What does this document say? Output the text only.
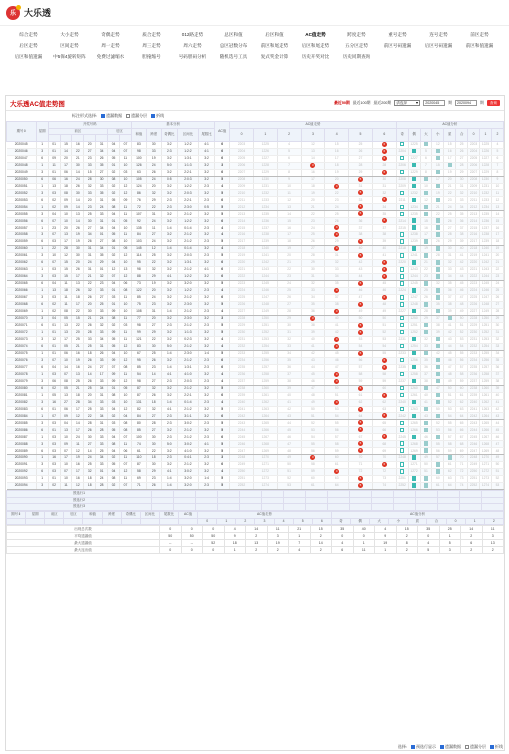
乐 大乐透
综合走势	大小走势	奇偶走势	质合走势	012路走势	总区和值	后区和值	AC值走势	跨度走势	重号走势	连号走势	前区走势
后区走势	区间走势	周一走势	周三走势	周六走势	总区冠数分布	前区和尾走势	后区和尾走势	五分区走势	前区号码遗漏	后区号码遗漏	前区和值遗漏
后区和值遗漏	中5保4旋转矩阵	免费过滤缩水	胆拖缩号	号码胆码分析	随机选号工具	复式奖金计算	历史开奖对比	历史同期查询
大乐透AC值走势图	最近50期 最近100期 最近200期	请选择	2020045	期	2020094	期	查询
标注形式选择:	遗漏数据	遗漏分层	折线
期号⇕	星期	开奖号码							基本分析					AC值	AC值走势							AC值分析								
		前区					后区		和值	跨度	奇偶比	区间比	尾数比		0	1	2	3	4	5	6	奇	偶	大	小	质	合	0	1	2

2020045	1	01	15	16	20	31	04	07	83	30	3:2	1:2:2	4:1	6	2203	1225	4	12	15	25	6		1225		12	15	25	2203	1225	4
2020046	3	01	14	22	27	34	04	07	98	33	2:3	1:2:2	4:1	6	2204	1226	5	13	16	26	6	2204		5		16	26	2204	1226	5
2020047	6	09	20	21	23	26	05	11	100	19	3:2	1:3:1	3:2	6	2205	1227	6	14	17	27	6		1227	6		17	27	2205	1227	6
2020048	1	11	17	30	33	35	01	10	126	24	5:0	1:1:3	3:2	3	2206	1228	7	3	18	28	28	2206		7	15		28	2206	1228	7
2020049	3	01	06	14	15	27	02	03	63	26	3:2	2:2:1	3:2	6	2207	1229	8	16	19	29	6		1229	8		19	29	2207	1229	8
2020050	6	06	16	24	28	30	08	10	105	24	0:5	2:0:3	3:2	5	2208	1230	9	17	20	5	30	2208			17	20	30	2208	1230	9
2020051	1	13	18	26	32	33	02	12	124	20	3:2	1:2:2	2:3	4	2209	1231	10	18	4	31	31	2209		10		21	31	2209	1231	10
2020052	3	03	08	30	33	35	02	12	86	32	3:2	2:0:3	3:2	5	2210	1232	11	19	22	5	32		1232		19	22	32	2210	1232	11
2020053	6	02	09	14	20	31	05	09	76	29	2:3	2:2:1	2:3	6	2211	1233	12	20	23	33	6	2211		12		23	33	2211	1233	12
2020054	1	02	09	14	23	24	08	11	72	22	2:3	2:3:0	0:5	5	2212	1234	13	21	24	5	34		1234		21	24	34	2212	1234	13
2020055	3	04	10	13	25	33	04	11	107	31	3:2	2:1:2	3:2	5	2213	1235	14	22	25	5	35		1235		22	25	35	2213	1235	14
2020056	6	07	10	14	30	31	01	05	92	24	3:2	1:2:2	3:2	6	2214	1236	15	23	26	36	6	2214		15		26	36	2214	1236	15
2020057	1	23	20	26	27	34	04	10	135	11	1:4	0:1:4	2:3	4	2215	1237	16	24	4	37	37	2215		16		27	37	2215	1237	16
2020058	3	07	13	19	34	01	05	11	84	27	3:2	2:1:2	3:2	4	2216	1238	17	25	4	38	38		1238	17		28	38	2216	1238	17
2020059	6	03	17	19	26	27	08	10	103	24	3:2	2:1:2	2:3	5	2217	1239	18	26	29	5	39		1239		26	29	39	2217	1239	18
2020060	1	22	28	30	31	34	01	05	145	12	1:4	0:1:4	3:2	4	2218	1240	19	27	4	40	40	2218		19		30	40	2218	1240	19
2020061	3	10	12	30	31	35	02	12	114	25	3:2	2:0:3	2:3	5	2219	1241	20	28	31	5	41		1241		28	31	41	2219	1241	20
2020062	6	07	15	20	24	29	04	10	95	22	3:2	1:3:1	3:2	6	2220	1242	21	29	32	42	6	2220		21		32	42	2220	1242	21
2020063	1	03	15	26	31	01	12	13	98	32	3:2	2:1:2	4:1	6	2221	1243	22	30	33	43	6		1243	22		33	43	2221	1243	22
2020064	3	03	15	17	21	32	07	12	88	29	4:1	1:2:2	3:2	6	2222	1244	23	31	34	44	6		1244	23		34	44	2222	1244	23
2020065	6	04	11	13	22	23	04	06	73	19	3:2	3:2:0	3:2	5	2223	1245	24	32	35	5	45		1245		32	35	45	2223	1245	24
2020066	1	13	18	26	32	33	01	08	122	20	3:2	1:2:2	2:3	4	2224	1246	25	33	4	46	46	2224		25		36	46	2224	1246	25
2020067	3	03	11	18	26	27	03	11	85	24	3:2	2:1:2	3:2	6	2225	1247	26	34	37	47	6		1247	26		37	47	2225	1247	26
2020068	6	02	11	17	20	25	01	10	75	23	3:2	2:3:0	3:2	5	2226	1248	27	35	38	5	48		1248		35	38	48	2226	1248	27
2020069	1	02	08	22	30	33	09	10	108	31	1:4	2:1:2	2:3	4	2227	1249	28	36	4	49	49	2227		28		39	49	2227	1249	28
2020070	3	04	05	15	21	24	08	11	77	20	3:2	2:3:0	3:2	3	2228	1250	29	3	40	50	50		1250	29	37		50	2228	1250	29
2020071	6	01	13	22	26	32	02	03	98	27	2:3	2:1:2	2:3	5	2229	1251	30	38	41	5	51		1251		38	41	51	2229	1251	30
2020072	1	01	13	20	28	33	09	11	99	29	3:2	1:1:3	3:2	5	2230	1252	31	39	42	5	52		1252		39	42	52	2230	1252	31
2020073	3	12	17	25	33	34	05	11	121	22	3:2	0:2:3	3:2	4	2231	1253	32	40	4	53	53	2231		32		43	53	2231	1253	32
2020074	6	01	05	21	25	31	05	12	83	30	5:0	2:1:2	3:2	4	2232	1254	33	41	4	54	54		1254	33		44	54	2232	1254	33
2020075	1	01	06	16	18	26	04	10	67	25	1:4	2:3:0	1:4	5	2233	1255	34	42	45	5	55	2233			42	45	55	2233	1255	34
2020076	3	07	10	19	26	33	09	12	95	26	3:2	2:1:2	2:3	6	2234	1256	35	43	46	56	6		1256	35		46	56	2234	1256	35
2020077	6	04	14	16	24	27	07	08	85	23	1:4	1:3:1	2:3	6	2235	1257	36	44	47	57	6	2235		36		47	57	2235	1257	36
2020078	1	03	07	13	14	17	09	11	54	14	4:1	4:1:0	3:2	4	2236	1258	37	45	4	58	58		1258	37		48	58	2236	1258	37
2020079	3	06	08	25	26	33	09	12	98	27	2:3	2:0:3	2:3	4	2237	1259	38	46	4	59	59	2237		38		49	59	2237	1259	38
2020080	6	02	05	21	25	34	01	05	87	32	3:2	2:1:2	3:2	5	2238	1260	39	47	50	5	60		1260		47	50	60	2238	1260	39
2020081	1	05	13	18	20	31	08	10	87	26	3:2	2:2:1	3:2	6	2239	1261	40	48	51	61	6		1261	40		51	61	2239	1261	40
2020082	3	16	27	28	34	33	03	10	131	18	1:4	0:1:4	2:3	4	2240	1262	41	49	4	62	62	2240		41		52	62	2240	1262	41
2020083	6	01	06	17	25	33	04	12	82	32	4:1	2:1:2	3:2	5	2241	1263	42	50	53	5	63		1263		50	53	63	2241	1263	42
2020084	1	07	09	12	22	34	02	04	84	27	2:3	3:1:1	3:2	6	2242	1264	43	51	54	64	6	2242		43		54	64	2242	1264	43
2020085	3	03	04	14	28	31	03	08	80	28	2:3	3:0:2	2:3	5	2243	1265	44	52	55	5	65		1265		52	55	65	2243	1265	44
2020086	6	01	13	17	26	28	05	08	85	27	3:2	2:1:2	3:2	5	2244	1266	45	53	56	5	66		1266		53	56	66	2244	1266	45
2020087	1	03	10	24	30	33	04	07	100	30	2:3	2:1:2	2:3	6	2245	1267	46	54	57	67	6	2245		46		57	67	2245	1267	46
2020088	3	03	09	11	27	33	08	11	74	30	5:0	3:0:2	4:1	5	2246	1268	47	55	58	5	68		1268		55	58	68	2246	1268	47
2020089	6	03	07	12	14	25	04	06	61	22	3:2	4:1:0	3:2	5	2247	1269	48	56	59	5	69		1269		56	59	69	2247	1269	48
2020090	1	16	17	19	24	34	02	11	110	18	2:3	0:4:1	2:3	3	2248	1270	49	3	60	70	70	2248		49	57		70	2248	1270	49
2020091	3	03	10	16	25	33	05	07	87	30	3:2	2:1:2	3:2	6	2249	1271	50	58	61	71	6		1271	50		61	71	2249	1271	50
2020092	6	03	07	17	32	01	04	12	58	29	4:1	3:0:2	3:2	4	2250	1272	51	59	4	72	72		1272	51		62	72	2250	1272	51
2020093	1	01	10	16	18	24	08	11	69	23	1:4	3:2:0	1:4	5	2251	1273	52	60	63	5	73	2251			60	63	73	2251	1273	52
2020094	3	02	11	12	18	28	02	07	71	26	1:4	3:2:0	2:3	5	2252	1274	53	61	64	5	74	2252			61	64	74	2252	1274	53
预选行1																
预选行2																
预选行3																
期号⇕	星期	前区	后区	和值	跨度	奇偶比	区间比	尾数比	AC值	AC值走势							AC值分析								
										0	1	2	3	4	5	6	奇	偶	大	小	质	合	0	1	2
出现总次数	0	0	0	4	14	11	21	15	35	40	4	15	35	25	14	11
平均遗漏值	50	50	50	9	2	3	1	2	0	0	9	2	0	1	2	3
最大遗漏值	--	--	52	18	13	19	7	14	4	1	19	8	4	5	6	13
最大连出值	0	0	0	1	2	2	4	2	6	11	1	2	5	3	2	2
选择:	预选行显示	遗漏数据	遗漏分层	折线
